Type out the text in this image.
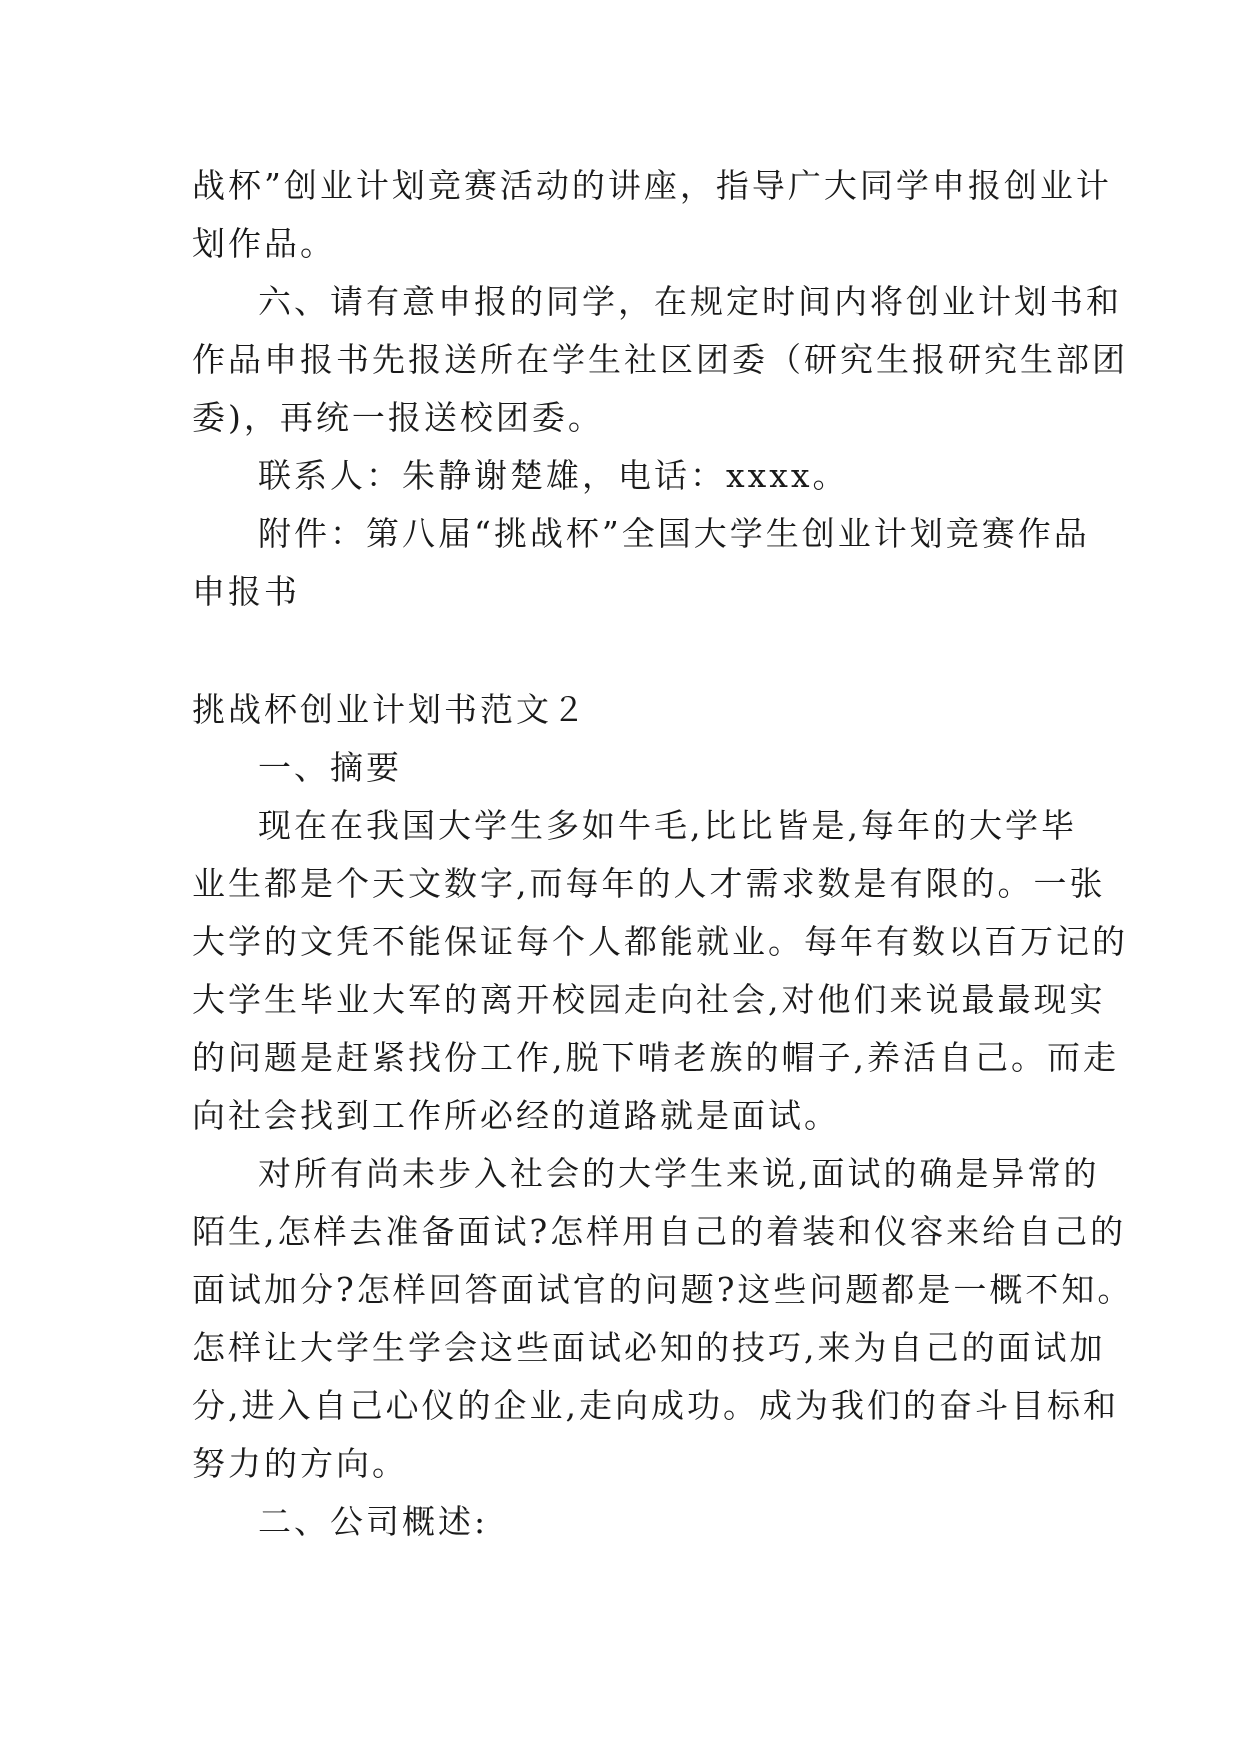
战杯”创业计划竞赛活动的讲座，指导广大同学申报创业计
划作品。
六、请有意申报的同学，在规定时间内将创业计划书和
作品申报书先报送所在学生社区团委（研究生报研究生部团
委)，再统一报送校团委。
联系人：朱静谢楚雄，电话：xxxx。
附件：第八届“挑战杯”全国大学生创业计划竞赛作品
申报书
挑战杯创业计划书范文２
一、摘要
现在在我国大学生多如牛毛,比比皆是,每年的大学毕
业生都是个天文数字,而每年的人才需求数是有限的。一张
大学的文凭不能保证每个人都能就业。每年有数以百万记的
大学生毕业大军的离开校园走向社会,对他们来说最最现实
的问题是赶紧找份工作,脱下啃老族的帽子,养活自己。而走
向社会找到工作所必经的道路就是面试。
对所有尚未步入社会的大学生来说,面试的确是异常的
陌生,怎样去准备面试?怎样用自己的着装和仪容来给自己的
面试加分?怎样回答面试官的问题?这些问题都是一概不知。
怎样让大学生学会这些面试必知的技巧,来为自己的面试加
分,进入自己心仪的企业,走向成功。成为我们的奋斗目标和
努力的方向。
二、公司概述:
